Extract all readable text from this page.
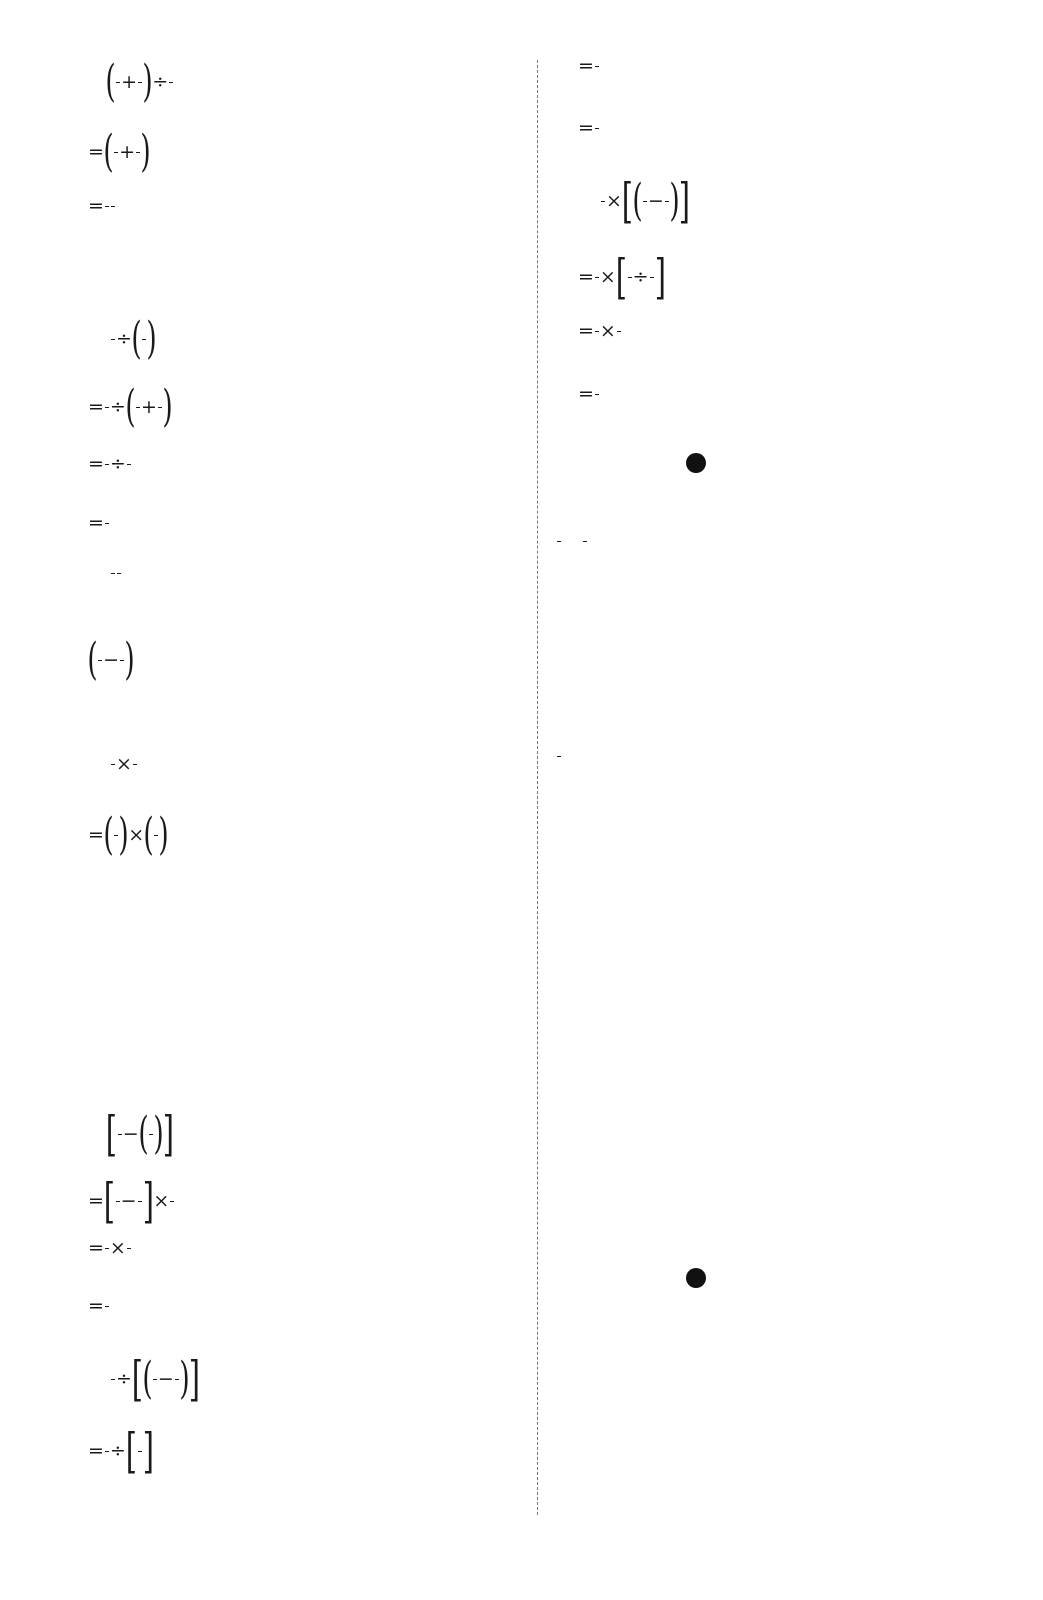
( + ) ÷
= ( + )
=
÷ ( )
= ÷ ( + )
= ÷
=
( − )
×
= ( ) × ( )
[ − ( ) ]
= [ − ] ×
= ×
=
÷ [ ( − ) ]
= ÷ [ ]
=
=
× [ ( − ) ]
= × [ ÷ ]
= ×
=
